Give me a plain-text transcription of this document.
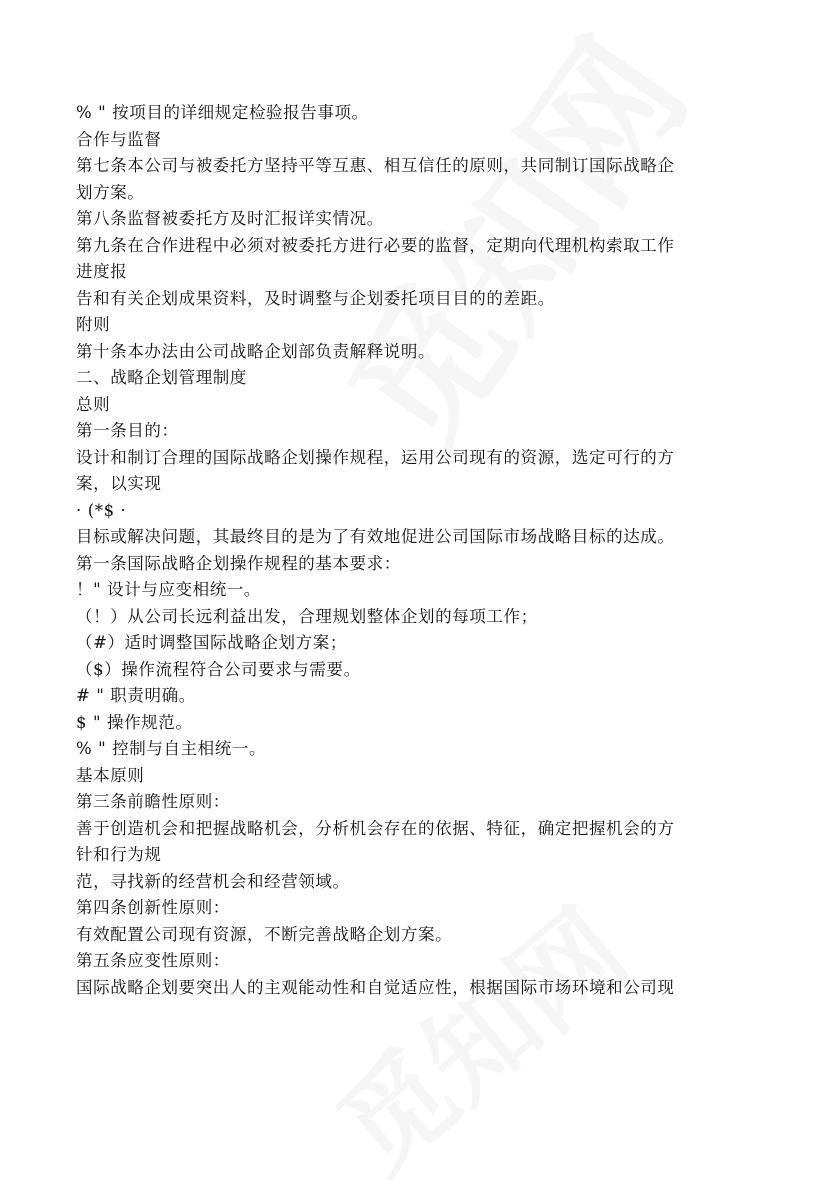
% " 按项目的详细规定检验报告事项。
合作与监督
第七条本公司与被委托方坚持平等互惠、相互信任的原则，共同制订国际战略企
划方案。
第八条监督被委托方及时汇报详实情况。
第九条在合作进程中必须对被委托方进行必要的监督，定期向代理机构索取工作
进度报
告和有关企划成果资料，及时调整与企划委托项目目的的差距。
附则
第十条本办法由公司战略企划部负责解释说明。
二、战略企划管理制度
总则
第一条目的：
设计和制订合理的国际战略企划操作规程，运用公司现有的资源，选定可行的方
案，以实现
· (*$ ·
目标或解决问题，其最终目的是为了有效地促进公司国际市场战略目标的达成。
第一条国际战略企划操作规程的基本要求：
！" 设计与应变相统一。
（！）从公司长远利益出发，合理规划整体企划的每项工作；
（#）适时调整国际战略企划方案；
（$）操作流程符合公司要求与需要。
# " 职责明确。
$ " 操作规范。
% " 控制与自主相统一。
基本原则
第三条前瞻性原则：
善于创造机会和把握战略机会，分析机会存在的依据、特征，确定把握机会的方
针和行为规
范，寻找新的经营机会和经营领域。
第四条创新性原则：
有效配置公司现有资源，不断完善战略企划方案。
第五条应变性原则：
国际战略企划要突出人的主观能动性和自觉适应性，根据国际市场环境和公司现
